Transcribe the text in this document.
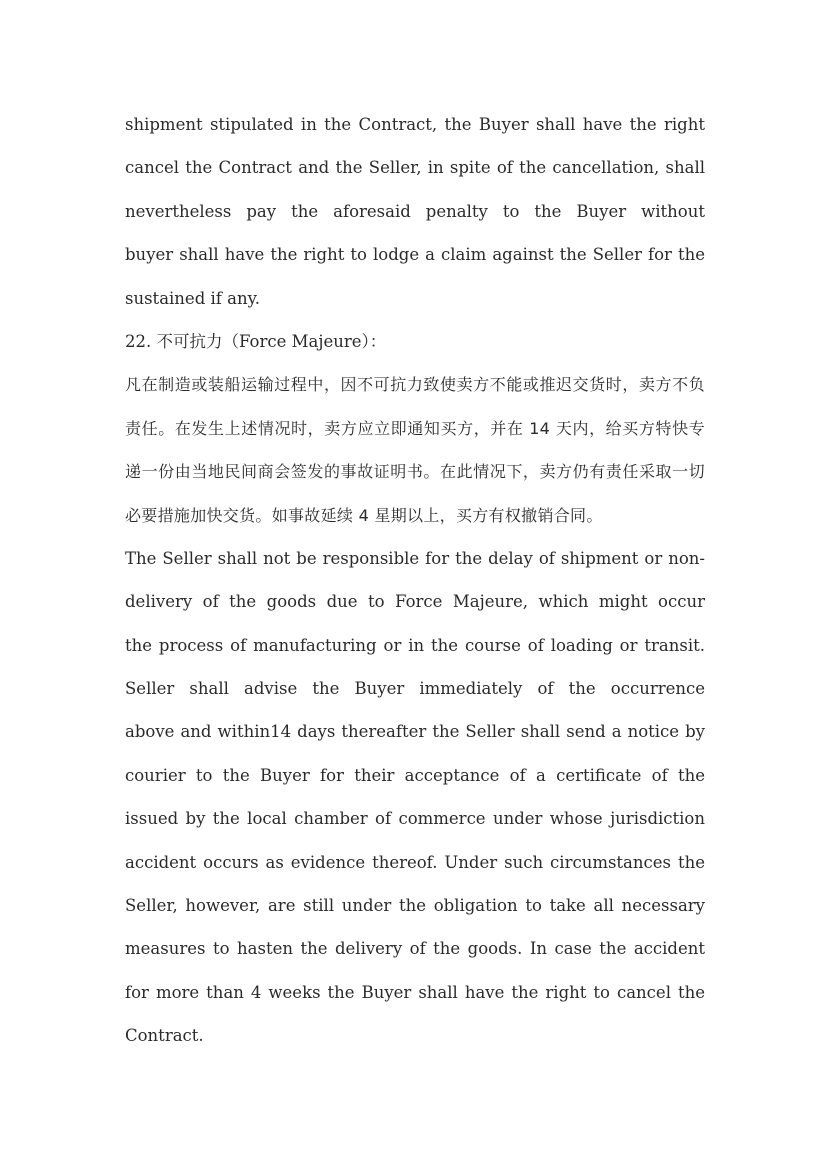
shipment stipulated in the Contract, the Buyer shall have the right
cancel the Contract and the Seller, in spite of the cancellation, shall
nevertheless pay the aforesaid penalty to the Buyer without
buyer shall have the right to lodge a claim against the Seller for the
sustained if any.
22. 不可抗力（Force Majeure）：
凡在制造或装船运输过程中，因不可抗力致使卖方不能或推迟交货时，卖方不负
责任。在发生上述情况时，卖方应立即通知买方，并在 14 天内，给买方特快专
递一份由当地民间商会签发的事故证明书。在此情况下，卖方仍有责任采取一切
必要措施加快交货。如事故延续 4 星期以上，买方有权撤销合同。
The Seller shall not be responsible for the delay of shipment or non-
delivery of the goods due to Force Majeure, which might occur
the process of manufacturing or in the course of loading or transit.
Seller shall advise the Buyer immediately of the occurrence
above and within14 days thereafter the Seller shall send a notice by
courier to the Buyer for their acceptance of a certificate of the
issued by the local chamber of commerce under whose jurisdiction
accident occurs as evidence thereof. Under such circumstances the
Seller, however, are still under the obligation to take all necessary
measures to hasten the delivery of the goods. In case the accident
for more than 4 weeks the Buyer shall have the right to cancel the
Contract.
